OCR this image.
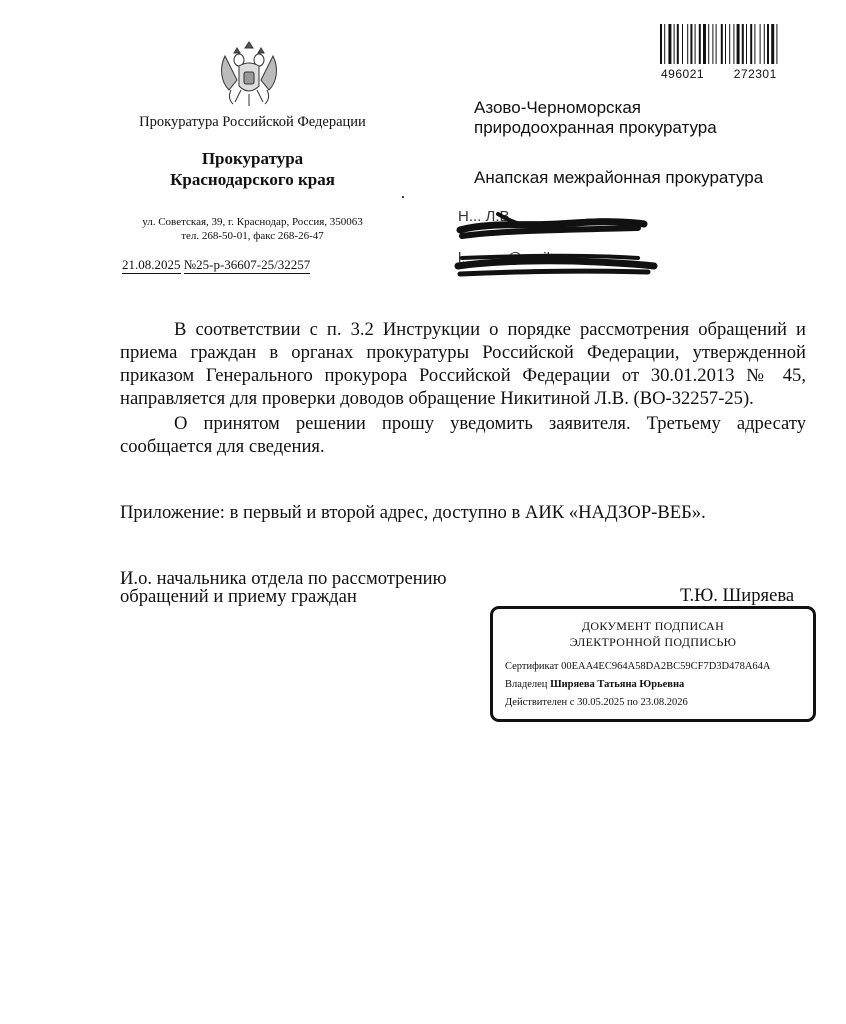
Прокуратура Российской Федерации
Прокуратура
Краснодарского края
ул. Советская, 39, г. Краснодар, Россия, 350063
тел. 268-50-01, факс 268-26-47
21.08.2025 №25-р-36607-25/32257
496021 272301
Азово-Черноморская
природоохранная прокуратура
Анапская межрайонная прокуратура
Н... Л.В.
l...........@mail

В соответствии с п. 3.2 Инструкции о порядке рассмотрения обращений и приема граждан в органах прокуратуры Российской Федерации, утвержденной приказом Генерального прокурора Российской Федерации от 30.01.2013 № 45, направляется для проверки доводов обращение Никитиной Л.В. (ВО-32257-25).

О принятом решении прошу уведомить заявителя. Третьему адресату сообщается для сведения.

Приложение: в первый и второй адрес, доступно в АИК «НАДЗОР-ВЕБ».
И.о. начальника отдела по рассмотрению
обращений и приему граждан	Т.Ю. Ширяева
ДОКУМЕНТ ПОДПИСАН
ЭЛЕКТРОННОЙ ПОДПИСЬЮ
Сертификат 00EAA4EC964A58DA2BC59CF7D3D478A64A
Владелец Ширяева Татьяна Юрьевна
Действителен с 30.05.2025 по 23.08.2026
